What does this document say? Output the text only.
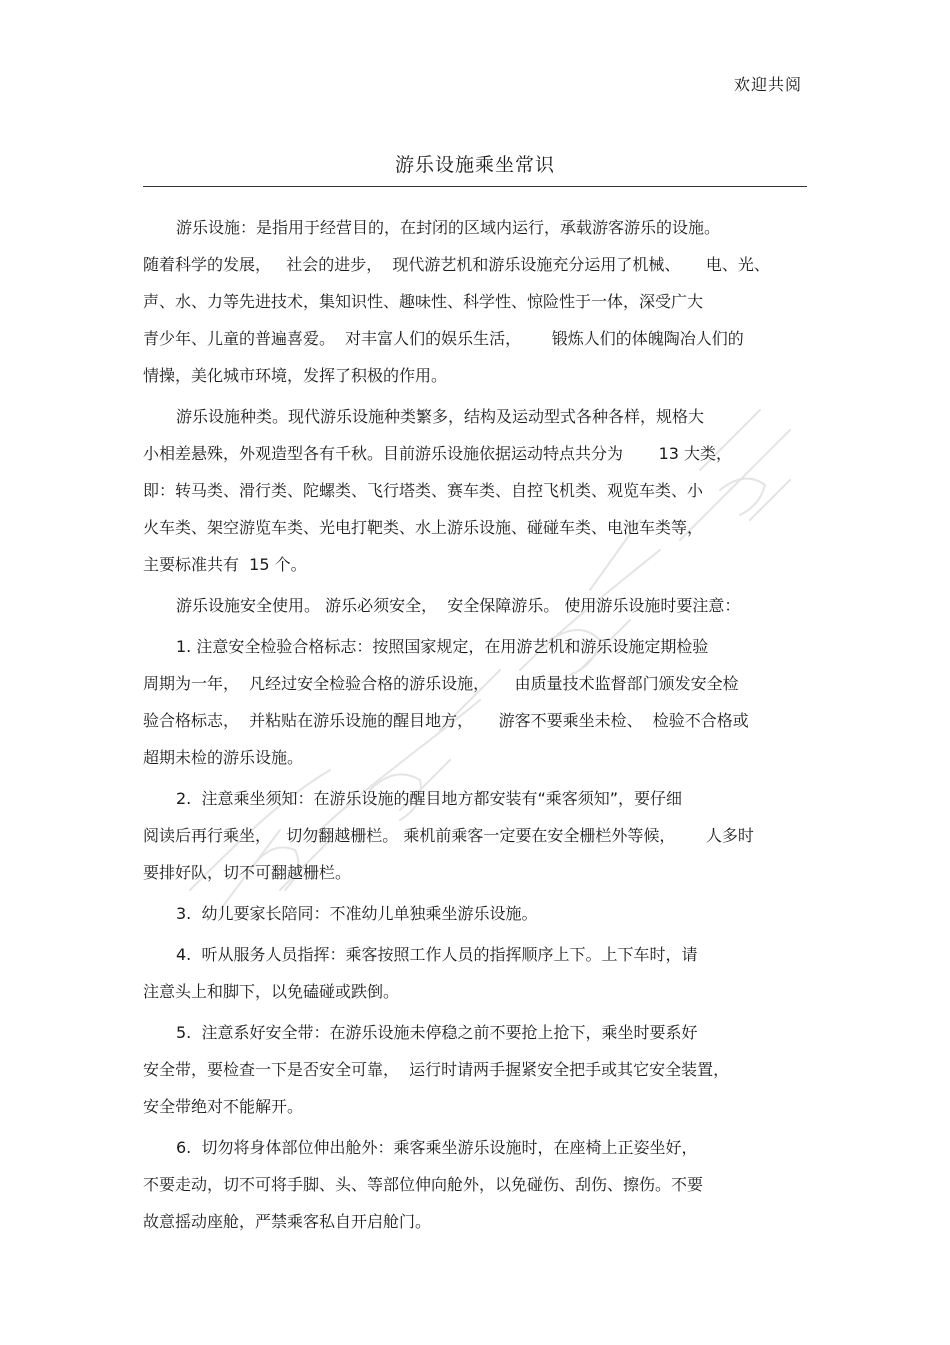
欢迎共阅
游乐设施乘坐常识
游乐设施：是指用于经营目的，在封闭的区域内运行，承载游客游乐的设施。
随着科学的发展，   社会的进步，  现代游艺机和游乐设施充分运用了机械、     电、光、
声、水、力等先进技术，集知识性、趣味性、科学性、惊险性于一体，深受广大
青少年、儿童的普遍喜爱。  对丰富人们的娱乐生活，      锻炼人们的体魄陶冶人们的
情操，美化城市环境，发挥了积极的作用。
游乐设施种类。现代游乐设施种类繁多，结构及运动型式各种各样，规格大
小相差悬殊，外观造型各有千秋。目前游乐设施依据运动特点共分为       13 大类，
即：转马类、滑行类、陀螺类、飞行塔类、赛车类、自控飞机类、观览车类、小
火车类、架空游览车类、光电打靶类、水上游乐设施、碰碰车类、电池车类等，
主要标准共有  15 个。
游乐设施安全使用。 游乐必须安全，  安全保障游乐。 使用游乐设施时要注意：
1. 注意安全检验合格标志：按照国家规定，在用游艺机和游乐设施定期检验
周期为一年，  凡经过安全检验合格的游乐设施，     由质量技术监督部门颁发安全检
验合格标志，  并粘贴在游乐设施的醒目地方，     游客不要乘坐未检、  检验不合格或
超期未检的游乐设施。
2.  注意乘坐须知：在游乐设施的醒目地方都安装有“乘客须知”，要仔细
阅读后再行乘坐，   切勿翻越栅栏。 乘机前乘客一定要在安全栅栏外等候，      人多时
要排好队，切不可翻越栅栏。
3.  幼儿要家长陪同：不准幼儿单独乘坐游乐设施。
4.  听从服务人员指挥：乘客按照工作人员的指挥顺序上下。上下车时，请
注意头上和脚下，以免磕碰或跌倒。
5.  注意系好安全带：在游乐设施未停稳之前不要抢上抢下，乘坐时要系好
安全带，要检查一下是否安全可靠，  运行时请两手握紧安全把手或其它安全装置，
安全带绝对不能解开。
6.  切勿将身体部位伸出舱外：乘客乘坐游乐设施时，在座椅上正姿坐好，
不要走动，切不可将手脚、头、等部位伸向舱外，以免碰伤、刮伤、擦伤。不要
故意摇动座舱，严禁乘客私自开启舱门。
